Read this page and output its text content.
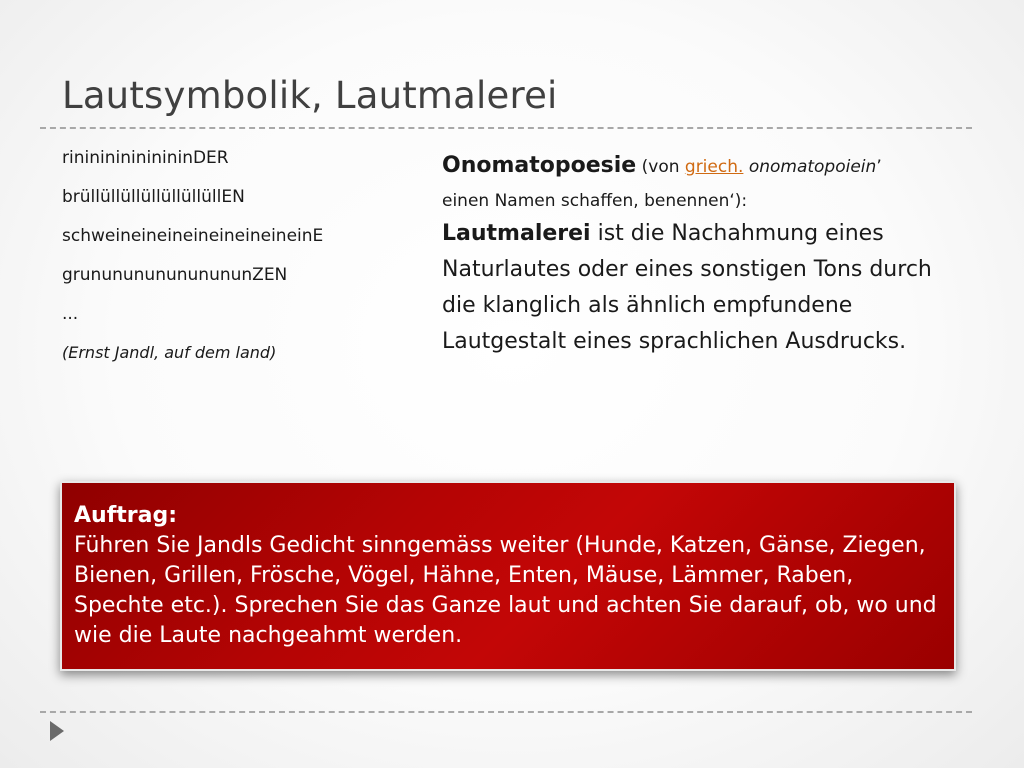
Lautsymbolik, Lautmalerei
rininininininininDER
brüllüllüllüllüllüllüllEN
schweineineineineineineineinE
grununununununununZEN
...
(Ernst Jandl, auf dem land)

Onomatopoesie (von griech. onomatopoiein’

einen Namen schaffen, benennen‘):

Lautmalerei ist die Nachahmung eines Naturlautes oder eines sonstigen Tons durch die klanglich als ähnlich empfundene Lautgestalt eines sprachlichen Ausdrucks.

Auftrag:
Führen Sie Jandls Gedicht sinngemäss weiter (Hunde, Katzen, Gänse, Ziegen, Bienen, Grillen, Frösche, Vögel, Hähne, Enten, Mäuse, Lämmer, Raben, Spechte etc.). Sprechen Sie das Ganze laut und achten Sie darauf, ob, wo und wie die Laute nachgeahmt werden.
